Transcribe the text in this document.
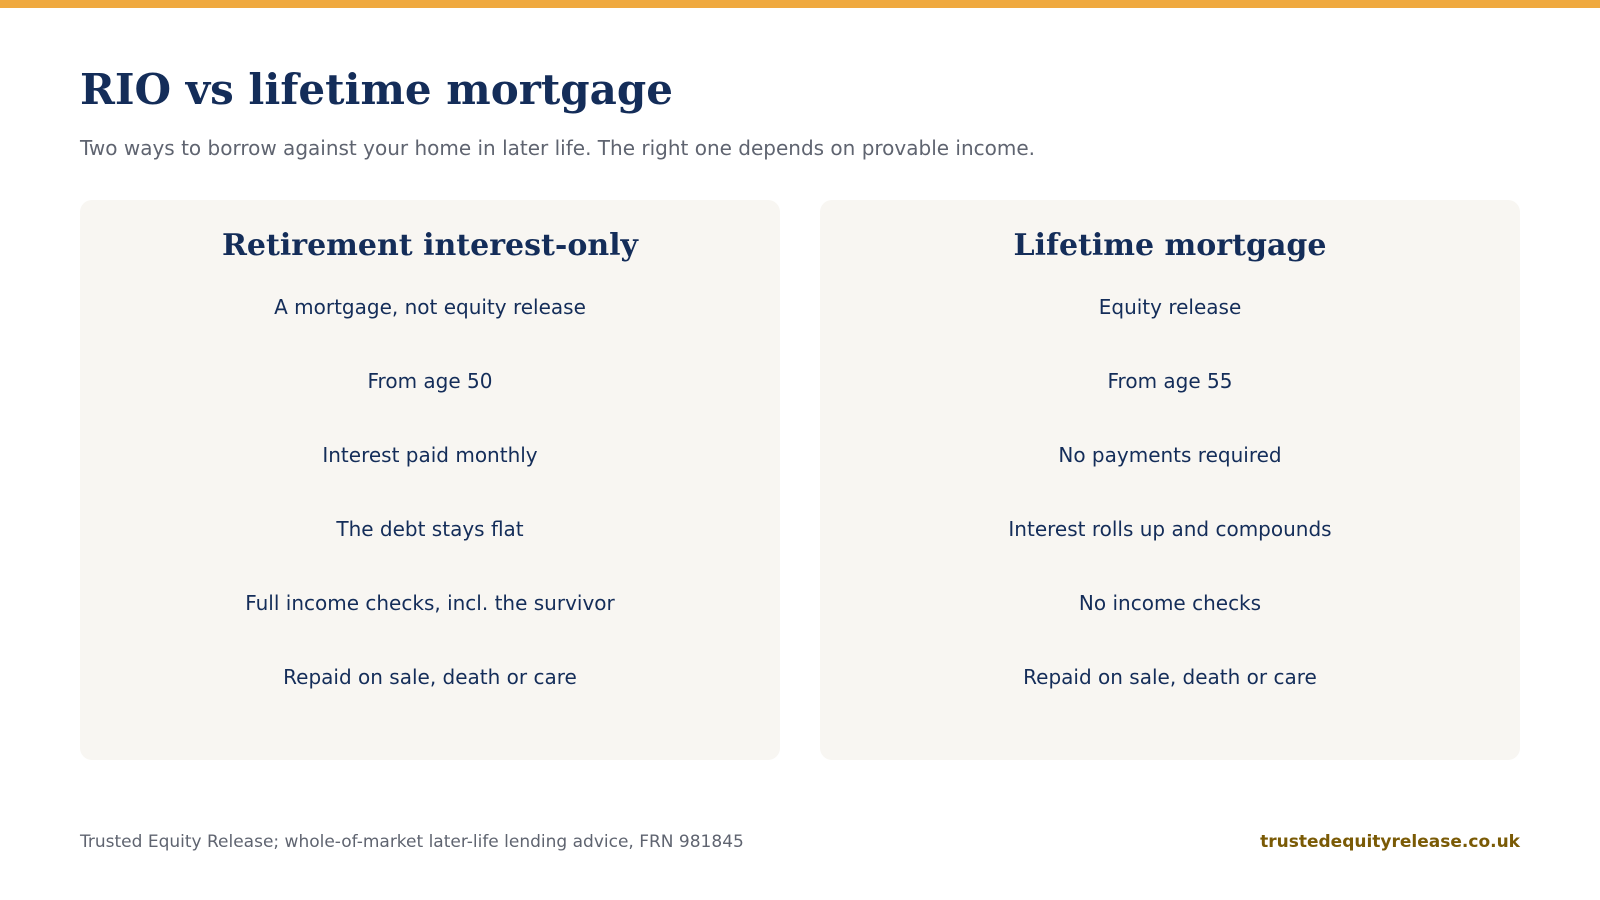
RIO vs lifetime mortgage

Two ways to borrow against your home in later life. The right one depends on provable income.

Retirement interest-only
A mortgage, not equity release
From age 50
Interest paid monthly
The debt stays flat
Full income checks, incl. the survivor
Repaid on sale, death or care
Lifetime mortgage
Equity release
From age 55
No payments required
Interest rolls up and compounds
No income checks
Repaid on sale, death or care
Trusted Equity Release; whole-of-market later-life lending advice, FRN 981845	trustedequityrelease.co.uk
